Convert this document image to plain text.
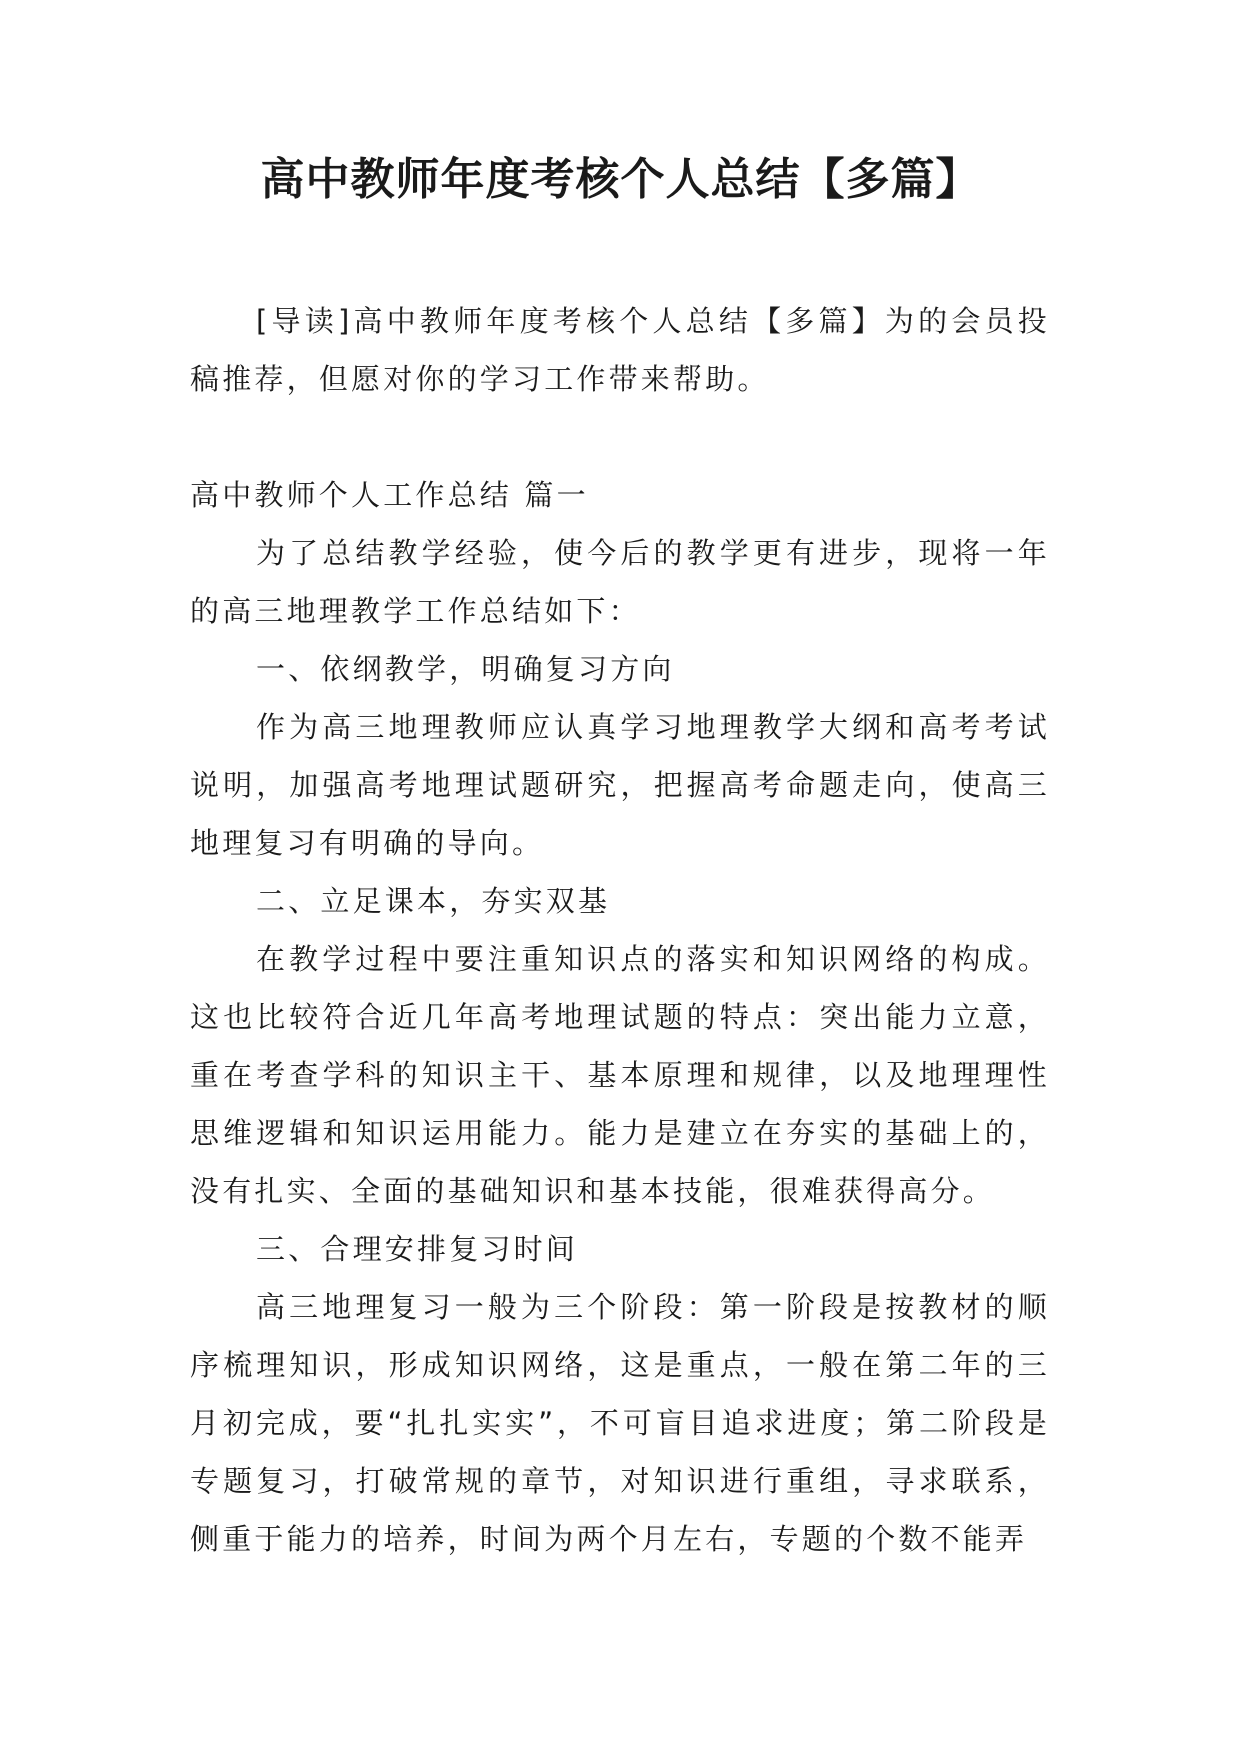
高中教师年度考核个人总结【多篇】

[导读]高中教师年度考核个人总结【多篇】为的会员投稿推荐，但愿对你的学习工作带来帮助。

高中教师个人工作总结 篇一

为了总结教学经验，使今后的教学更有进步，现将一年的高三地理教学工作总结如下：

一、依纲教学，明确复习方向

作为高三地理教师应认真学习地理教学大纲和高考考试说明，加强高考地理试题研究，把握高考命题走向，使高三地理复习有明确的导向。

二、立足课本，夯实双基

在教学过程中要注重知识点的落实和知识网络的构成。这也比较符合近几年高考地理试题的特点：突出能力立意，重在考查学科的知识主干、基本原理和规律，以及地理理性思维逻辑和知识运用能力。能力是建立在夯实的基础上的，没有扎实、全面的基础知识和基本技能，很难获得高分。

三、合理安排复习时间

高三地理复习一般为三个阶段：第一阶段是按教材的顺序梳理知识，形成知识网络，这是重点，一般在第二年的三月初完成，要“扎扎实实”，不可盲目追求进度；第二阶段是专题复习，打破常规的章节，对知识进行重组，寻求联系，侧重于能力的培养，时间为两个月左右，专题的个数不能弄
